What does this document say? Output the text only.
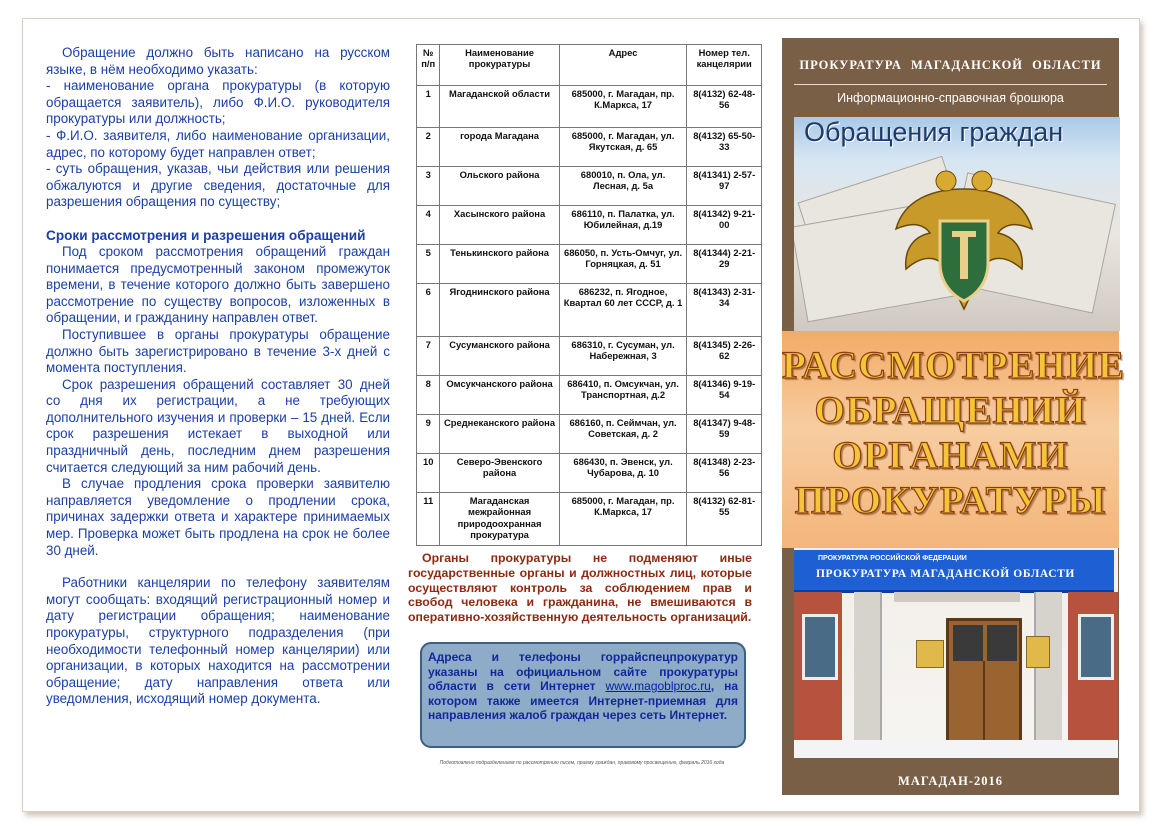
Обращение должно быть написано на русском языке, в нём необходимо указать:

- наименование органа прокуратуры (в которую обращается заявитель), либо Ф.И.О. руководителя прокуратуры или должность;

- Ф.И.О. заявителя, либо наименование организации, адрес, по которому будет направлен ответ;

- суть обращения, указав, чьи действия или решения обжалуются и другие сведения, достаточные для разрешения обращения по существу;

Сроки рассмотрения и разрешения обращений

Под сроком рассмотрения обращений граждан понимается предусмотренный законом промежуток времени, в течение которого должно быть завершено рассмотрение по существу вопросов, изложенных в обращении, и гражданину направлен ответ.

Поступившее в органы прокуратуры обращение должно быть зарегистрировано в течение 3-х дней с момента поступления.

Срок разрешения обращений составляет 30 дней со дня их регистрации, а не требующих дополнительного изучения и проверки – 15 дней. Если срок разрешения истекает в выходной или праздничный день, последним днем разрешения считается следующий за ним рабочий день.

В случае продления срока проверки заявителю направляется уведомление о продлении срока, причинах задержки ответа и характере принимаемых мер. Проверка может быть продлена на срок не более 30 дней.

Работники канцелярии по телефону заявителям могут сообщать: входящий регистрационный номер и дату регистрации обращения; наименование прокуратуры, структурного подразделения (при необходимости телефонный номер канцелярии) или организации, в которых находится на рассмотрении обращение; дату направления ответа или уведомления, исходящий номер документа.

№ п/п	Наименование прокуратуры	Адрес	Номер тел. канцелярии
1	Магаданской области	685000, г. Магадан, пр. К.Маркса, 17	8(4132) 62-48-56
2	города Магадана	685000, г. Магадан, ул. Якутская, д. 65	8(4132) 65-50-33
3	Ольского района	680010, п. Ола, ул. Лесная, д. 5а	8(41341) 2-57-97
4	Хасынского района	686110, п. Палатка, ул. Юбилейная, д.19	8(41342) 9-21-00
5	Тенькинского района	686050, п. Усть-Омчуг, ул. Горняцкая, д. 51	8(41344) 2-21-29
6	Ягоднинского района	686232, п. Ягодное, Квартал 60 лет СССР, д. 1	8(41343) 2-31-34
7	Сусуманского района	686310, г. Сусуман, ул. Набережная, 3	8(41345) 2-26-62
8	Омсукчанского района	686410, п. Омсукчан, ул. Транспортная, д.2	8(41346) 9-19-54
9	Среднеканского района	686160, п. Сеймчан, ул. Советская, д. 2	8(41347) 9-48-59
10	Северо-Эвенского района	686430, п. Эвенск, ул. Чубарова, д. 10	8(41348) 2-23-56
11	Магаданская межрайонная природоохранная прокуратура	685000, г. Магадан, пр. К.Маркса, 17	8(4132) 62-81-55
Органы прокуратуры не подменяют иные государственные органы и должностных лиц, которые осуществляют контроль за соблюдением прав и свобод человека и гражданина, не вмешиваются в оперативно-хозяйственную деятельность организаций.
Адреса и телефоны горрайспецпрокуратур указаны на официальном сайте прокуратуры области в сети Интернет www.magoblproc.ru, на котором также имеется Интернет-приемная для направления жалоб граждан через сеть Интернет.
Подготовлено подразделением по рассмотрению писем, приему граждан, правовому просвещению, февраль 2016 года
ПРОКУРАТУРА МАГАДАНСКОЙ ОБЛАСТИ
Информационно-справочная брошюра
МАГАДАН-2016
Обращения граждан
РАССМОТРЕНИЕ
ОБРАЩЕНИЙ
ОРГАНАМИ
ПРОКУРАТУРЫ
ПРОКУРАТУРА РОССИЙСКОЙ ФЕДЕРАЦИИ
ПРОКУРАТУРА МАГАДАНСКОЙ ОБЛАСТИ
